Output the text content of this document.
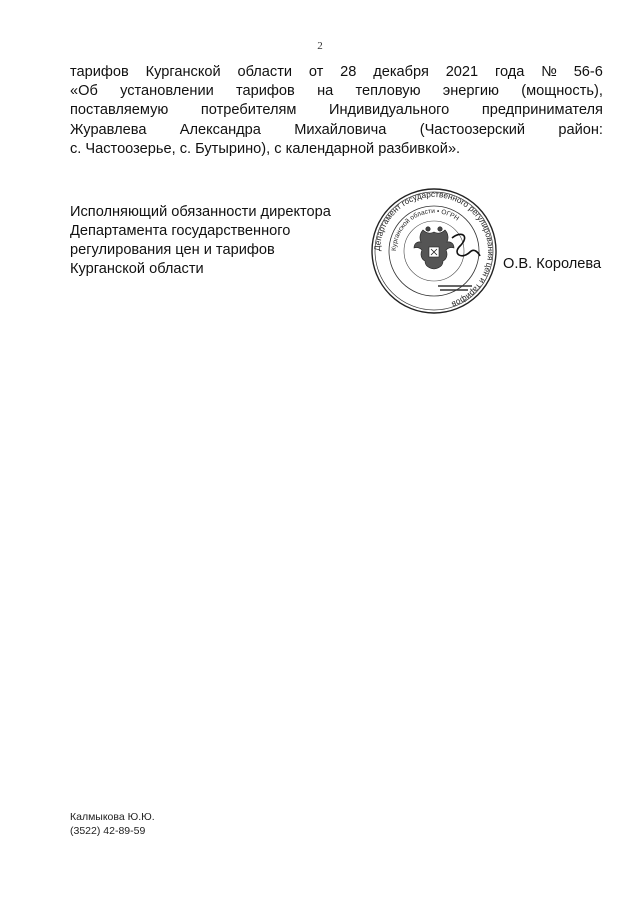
2
тарифов Курганской области от 28 декабря 2021 года № 56-6
«Об установлении тарифов на тепловую энергию (мощность),
поставляемую потребителям Индивидуального предпринимателя
Журавлева Александра Михайловича (Частоозерский район:
с. Частоозерье, с. Бутырино), с календарной разбивкой».
Исполняющий обязанности директора
Департамента государственного
регулирования цен и тарифов
Курганской области
Департамент государственного регулирования цен и тарифов
Курганской области • ОГРН
О.В. Королева
Калмыкова Ю.Ю.
(3522) 42-89-59
